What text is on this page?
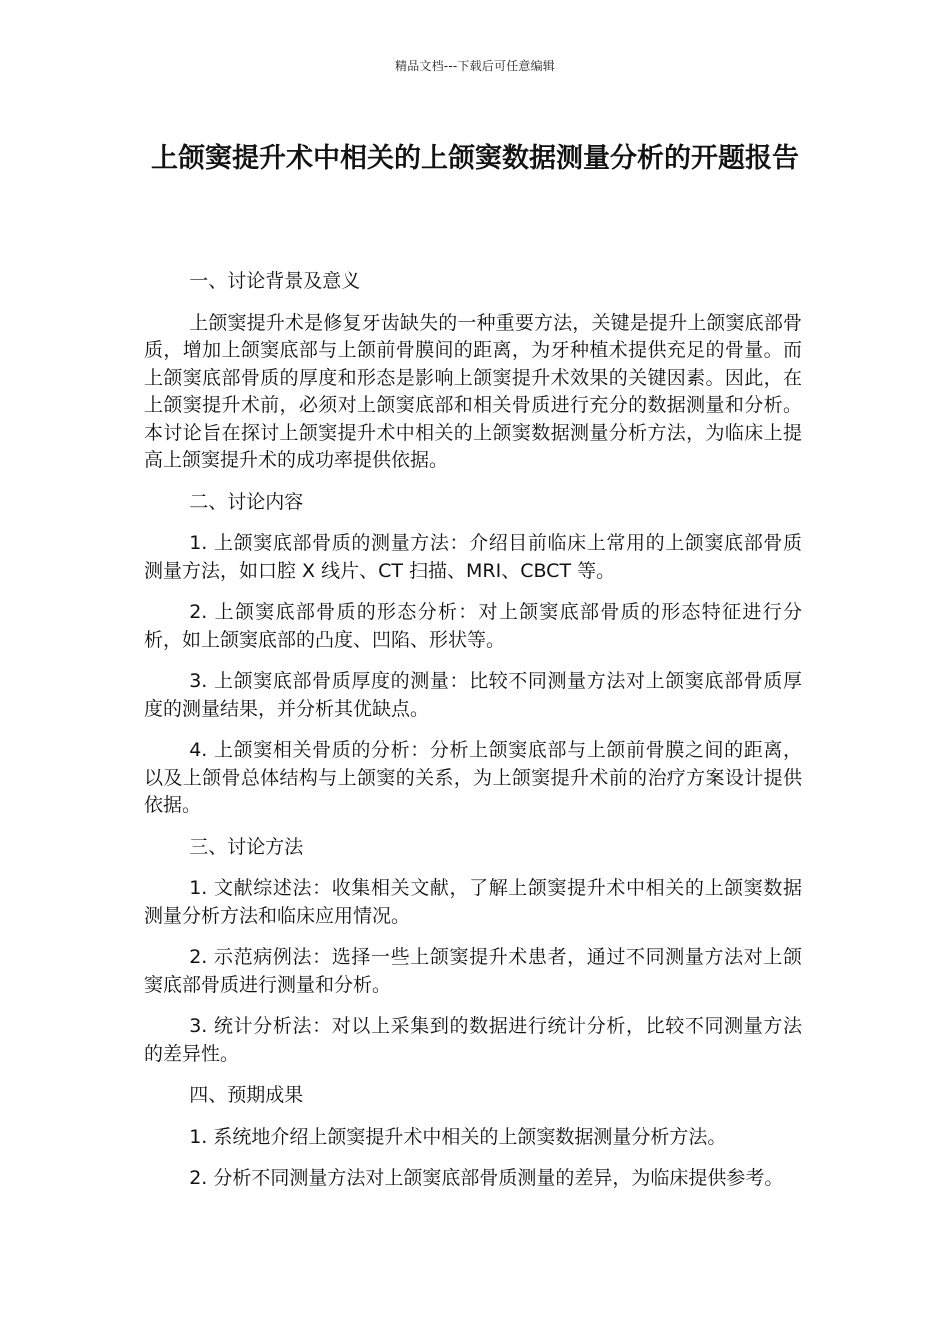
精品文档---下载后可任意编辑
上颌窦提升术中相关的上颌窦数据测量分析的开题报告

一、讨论背景及意义

上颌窦提升术是修复牙齿缺失的一种重要方法，关键是提升上颌窦底部骨质，增加上颌窦底部与上颌前骨膜间的距离，为牙种植术提供充足的骨量。而上颌窦底部骨质的厚度和形态是影响上颌窦提升术效果的关键因素。因此，在上颌窦提升术前，必须对上颌窦底部和相关骨质进行充分的数据测量和分析。本讨论旨在探讨上颌窦提升术中相关的上颌窦数据测量分析方法，为临床上提高上颌窦提升术的成功率提供依据。

二、讨论内容

1. 上颌窦底部骨质的测量方法：介绍目前临床上常用的上颌窦底部骨质测量方法，如口腔 X 线片、CT 扫描、MRI、CBCT 等。

2. 上颌窦底部骨质的形态分析：对上颌窦底部骨质的形态特征进行分析，如上颌窦底部的凸度、凹陷、形状等。

3. 上颌窦底部骨质厚度的测量：比较不同测量方法对上颌窦底部骨质厚度的测量结果，并分析其优缺点。

4. 上颌窦相关骨质的分析：分析上颌窦底部与上颌前骨膜之间的距离，以及上颌骨总体结构与上颌窦的关系，为上颌窦提升术前的治疗方案设计提供依据。

三、讨论方法

1. 文献综述法：收集相关文献，了解上颌窦提升术中相关的上颌窦数据测量分析方法和临床应用情况。

2. 示范病例法：选择一些上颌窦提升术患者，通过不同测量方法对上颌窦底部骨质进行测量和分析。

3. 统计分析法：对以上采集到的数据进行统计分析，比较不同测量方法的差异性。

四、预期成果

1. 系统地介绍上颌窦提升术中相关的上颌窦数据测量分析方法。

2. 分析不同测量方法对上颌窦底部骨质测量的差异，为临床提供参考。
